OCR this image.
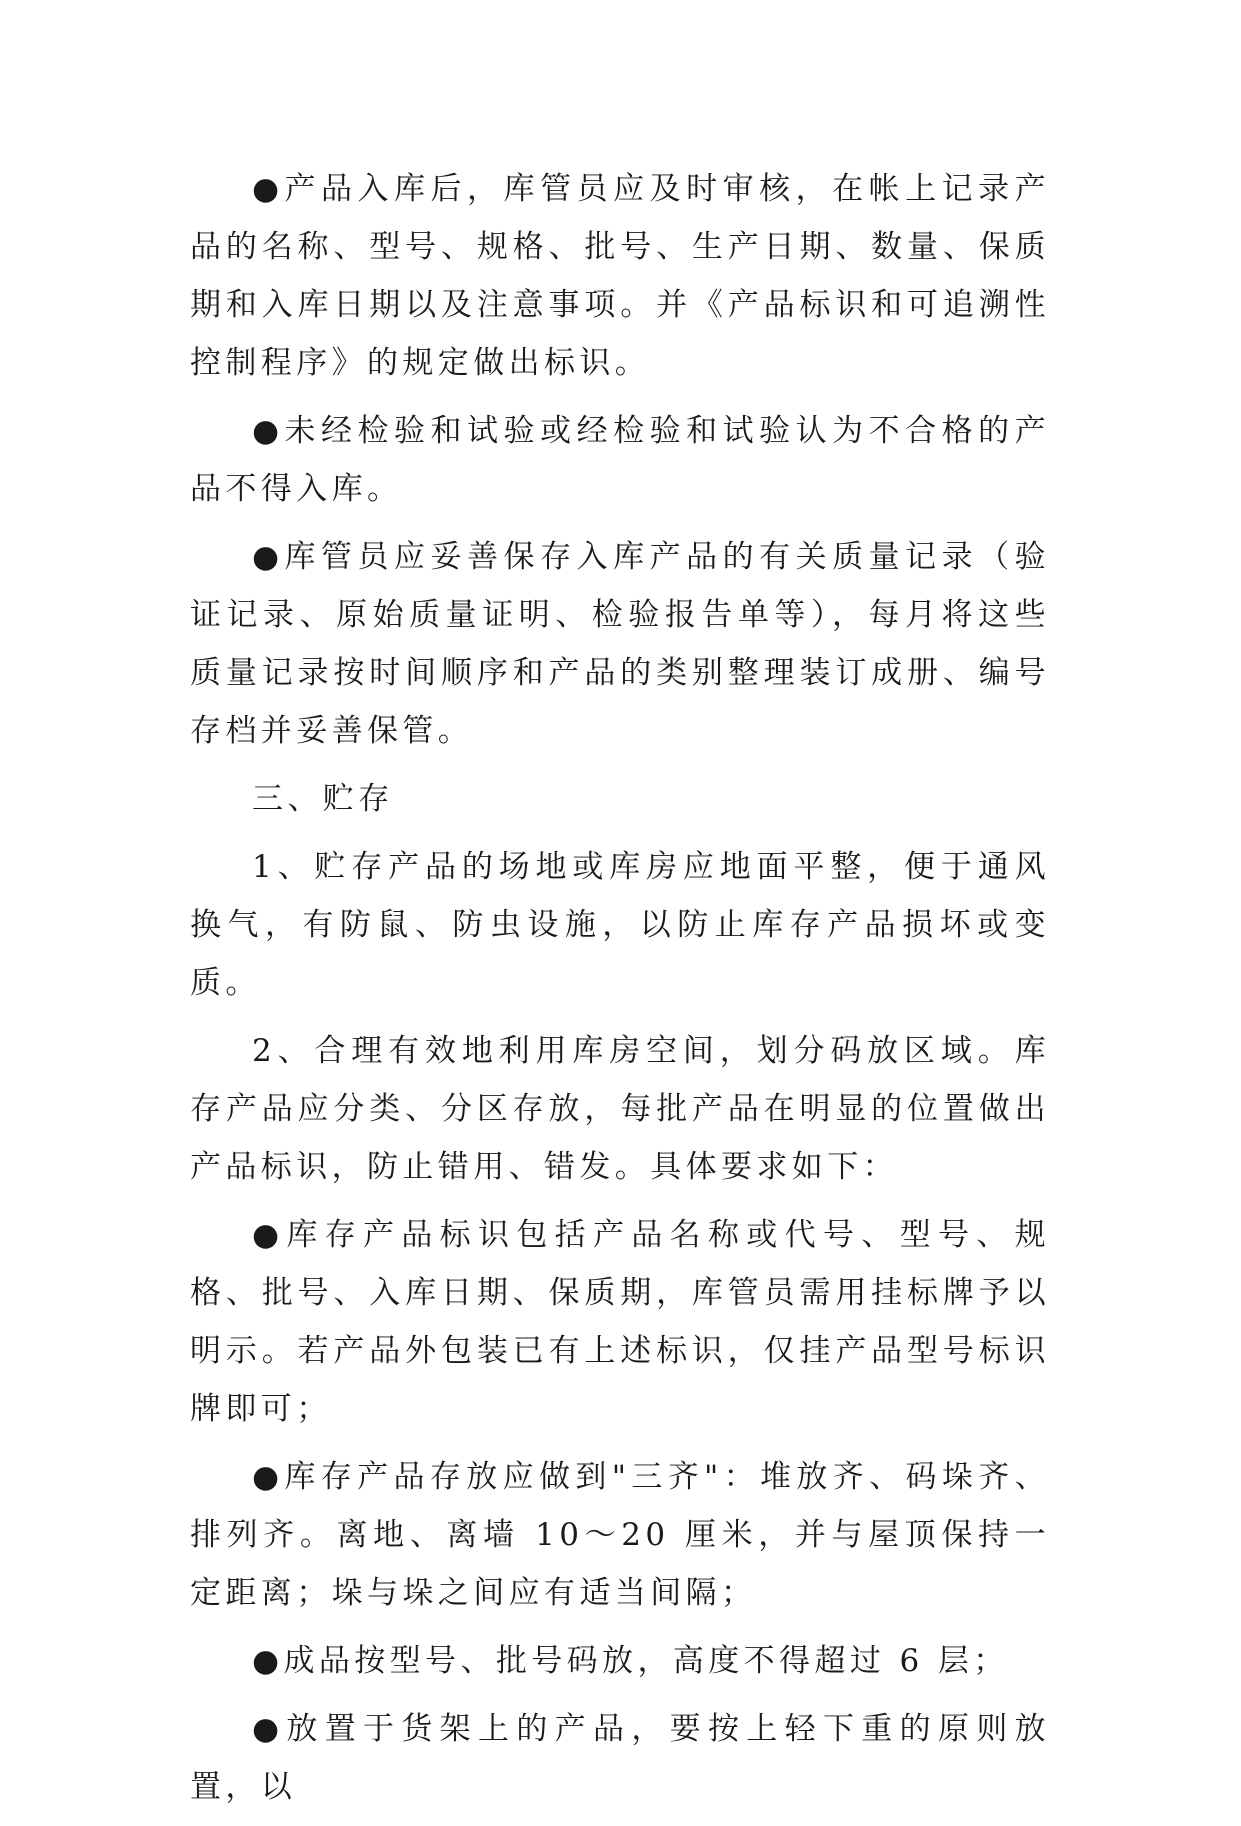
●产品入库后，库管员应及时审核，在帐上记录产品的名称、型号、规格、批号、生产日期、数量、保质期和入库日期以及注意事项。并《产品标识和可追溯性控制程序》的规定做出标识。

●未经检验和试验或经检验和试验认为不合格的产品不得入库。

●库管员应妥善保存入库产品的有关质量记录（验证记录、原始质量证明、检验报告单等），每月将这些质量记录按时间顺序和产品的类别整理装订成册、编号存档并妥善保管。

三、贮存

1、贮存产品的场地或库房应地面平整，便于通风换气，有防鼠、防虫设施，以防止库存产品损坏或变质。

2、合理有效地利用库房空间，划分码放区域。库存产品应分类、分区存放，每批产品在明显的位置做出产品标识，防止错用、错发。具体要求如下：

●库存产品标识包括产品名称或代号、型号、规格、批号、入库日期、保质期，库管员需用挂标牌予以明示。若产品外包装已有上述标识，仅挂产品型号标识牌即可；

●库存产品存放应做到"三齐"：堆放齐、码垛齐、排列齐。离地、离墙 10～20 厘米，并与屋顶保持一定距离；垛与垛之间应有适当间隔；

●成品按型号、批号码放，高度不得超过 6 层；

●放置于货架上的产品，要按上轻下重的原则放置，以
